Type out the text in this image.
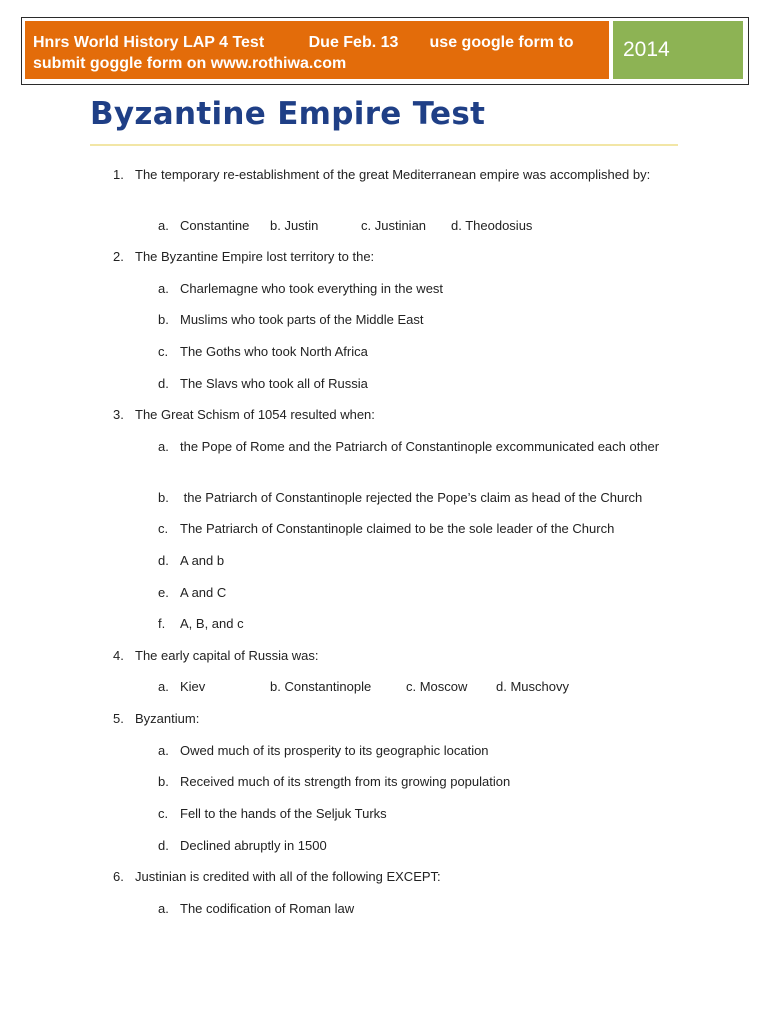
Hnrs World History LAP 4 Test          Due Feb. 13       use google form to
submit goggle form on www.rothiwa.com
2014
Byzantine Empire Test
1. The temporary re-establishment of the great Mediterranean empire was accomplished by:
a. Constantine b. Justin	c. Justinian d. Theodosius
2. The Byzantine Empire lost territory to the:
a. Charlemagne who took everything in the west
b. Muslims who took parts of the Middle East
c. The Goths who took North Africa
d. The Slavs who took all of Russia
3. The Great Schism of 1054 resulted when:
a. the Pope of Rome and the Patriarch of Constantinople excommunicated each other
b. the Patriarch of Constantinople rejected the Pope’s claim as head of the Church
c. The Patriarch of Constantinople claimed to be the sole leader of the Church
d. A and b
e. A and C
f. A, B, and c
4. The early capital of Russia was:
a. Kiev	b. Constantinople	c. Moscow d. Muschovy
5. Byzantium:
a. Owed much of its prosperity to its geographic location
b. Received much of its strength from its growing population
c. Fell to the hands of the Seljuk Turks
d. Declined abruptly in 1500
6. Justinian is credited with all of the following EXCEPT:
a. The codification of Roman law
